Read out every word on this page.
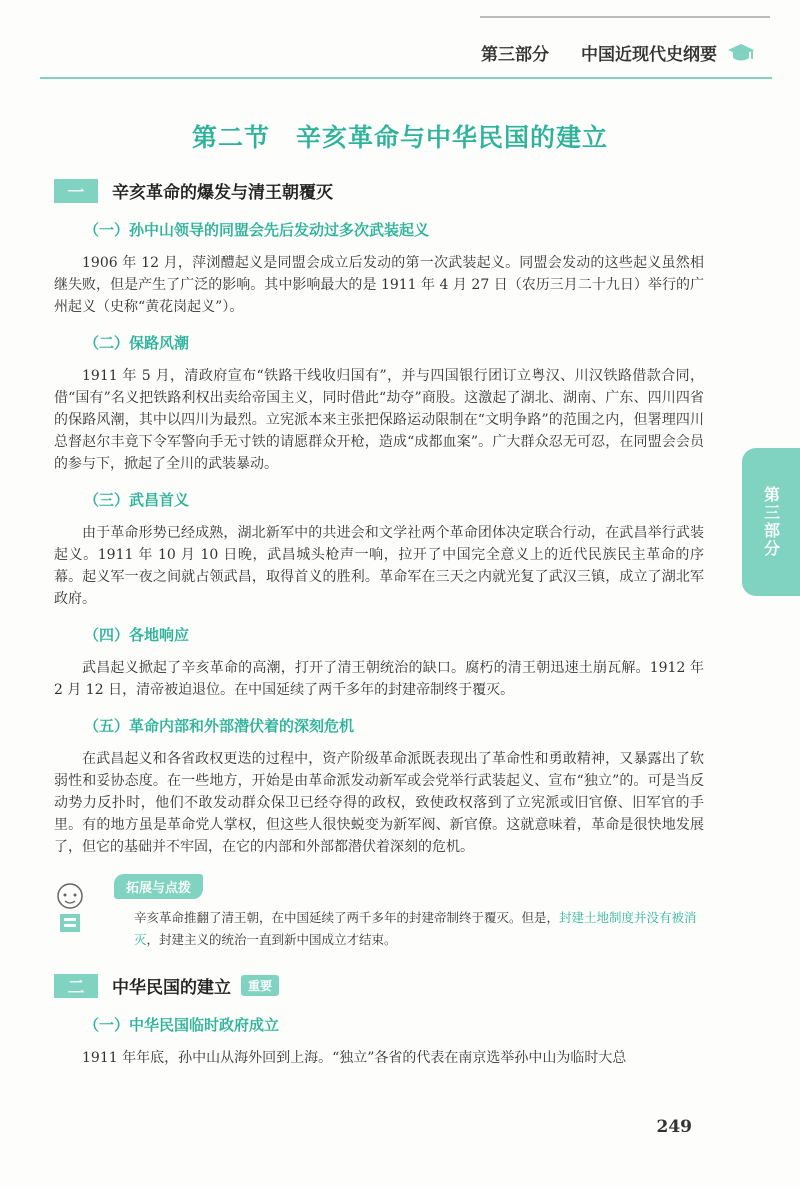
第三部分 中国近现代史纲要
第二节　辛亥革命与中华民国的建立
第三部分
一	辛亥革命的爆发与清王朝覆灭
（一）孙中山领导的同盟会先后发动过多次武装起义

1906 年 12 月，萍浏醴起义是同盟会成立后发动的第一次武装起义。同盟会发动的这些起义虽然相继失败，但是产生了广泛的影响。其中影响最大的是 1911 年 4 月 27 日（农历三月二十九日）举行的广州起义（史称“黄花岗起义”）。

（二）保路风潮

1911 年 5 月，清政府宣布“铁路干线收归国有”，并与四国银行团订立粤汉、川汉铁路借款合同，借“国有”名义把铁路利权出卖给帝国主义，同时借此“劫夺”商股。这激起了湖北、湖南、广东、四川四省的保路风潮，其中以四川为最烈。立宪派本来主张把保路运动限制在“文明争路”的范围之内，但署理四川总督赵尔丰竟下令军警向手无寸铁的请愿群众开枪，造成“成都血案”。广大群众忍无可忍，在同盟会会员的参与下，掀起了全川的武装暴动。

（三）武昌首义

由于革命形势已经成熟，湖北新军中的共进会和文学社两个革命团体决定联合行动，在武昌举行武装起义。1911 年 10 月 10 日晚，武昌城头枪声一响，拉开了中国完全意义上的近代民族民主革命的序幕。起义军一夜之间就占领武昌，取得首义的胜利。革命军在三天之内就光复了武汉三镇，成立了湖北军政府。

（四）各地响应

武昌起义掀起了辛亥革命的高潮，打开了清王朝统治的缺口。腐朽的清王朝迅速土崩瓦解。1912 年 2 月 12 日，清帝被迫退位。在中国延续了两千多年的封建帝制终于覆灭。

（五）革命内部和外部潜伏着的深刻危机

在武昌起义和各省政权更迭的过程中，资产阶级革命派既表现出了革命性和勇敢精神，又暴露出了软弱性和妥协态度。在一些地方，开始是由革命派发动新军或会党举行武装起义、宣布“独立”的。可是当反动势力反扑时，他们不敢发动群众保卫已经夺得的政权，致使政权落到了立宪派或旧官僚、旧军官的手里。有的地方虽是革命党人掌权，但这些人很快蜕变为新军阀、新官僚。这就意味着，革命是很快地发展了，但它的基础并不牢固，在它的内部和外部都潜伏着深刻的危机。

拓展与点拨
辛亥革命推翻了清王朝，在中国延续了两千多年的封建帝制终于覆灭。但是，封建土地制度并没有被消灭，封建主义的统治一直到新中国成立才结束。
二	中华民国的建立	重要
（一）中华民国临时政府成立

1911 年年底，孙中山从海外回到上海。“独立”各省的代表在南京选举孙中山为临时大总

249
